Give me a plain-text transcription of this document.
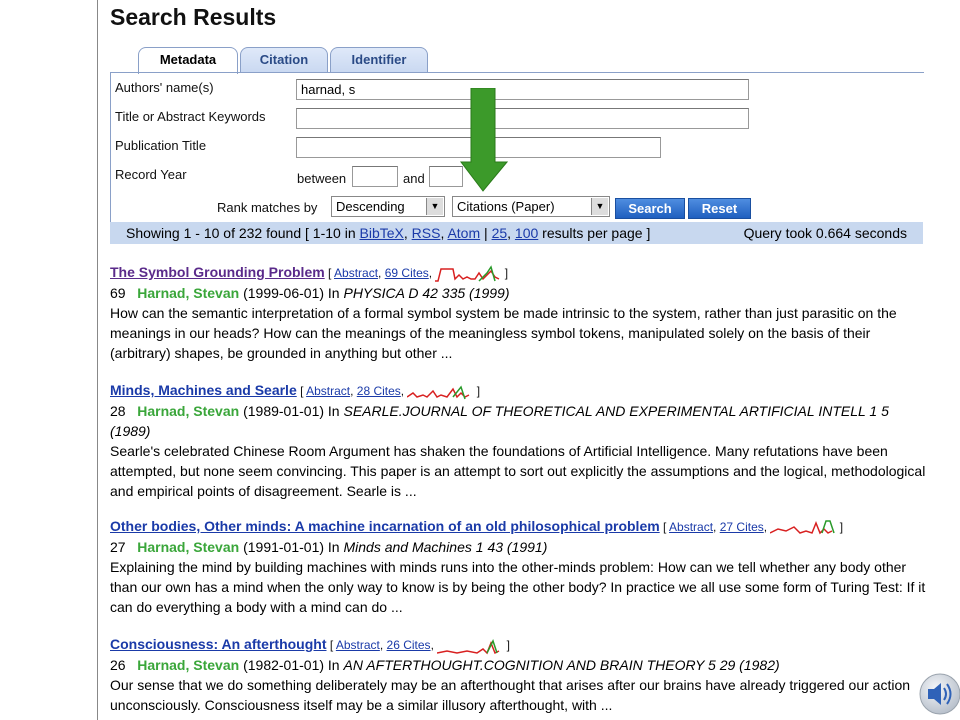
Search Results
Metadata	Citation	Identifier
Authors' name(s)
harnad, s
Title or Abstract Keywords
Publication Title
Record Year	between	and
Rank matches by	Descending	▼	Citations (Paper)	▼	Search	Reset
Showing 1 - 10 of 232 found [ 1-10 in BibTeX, RSS, Atom | 25, 100 results per page ]	Query took 0.664 seconds
The Symbol Grounding Problem [ Abstract, 69 Cites,	]
69 Harnad, Stevan (1999-06-01) In PHYSICA D 42 335 (1999)
How can the semantic interpretation of a formal symbol system be made intrinsic to the system, rather than just parasitic on the meanings in our heads? How can the meanings of the meaningless symbol tokens, manipulated solely on the basis of their (arbitrary) shapes, be grounded in anything but other ...
Minds, Machines and Searle [ Abstract, 28 Cites,	]
28 Harnad, Stevan (1989-01-01) In SEARLE.JOURNAL OF THEORETICAL AND EXPERIMENTAL ARTIFICIAL INTELL 1 5 (1989)
Searle's celebrated Chinese Room Argument has shaken the foundations of Artificial Intelligence. Many refutations have been attempted, but none seem convincing. This paper is an attempt to sort out explicitly the assumptions and the logical, methodological and empirical points of disagreement. Searle is ...
Other bodies, Other minds: A machine incarnation of an old philosophical problem [ Abstract, 27 Cites,	]
27 Harnad, Stevan (1991-01-01) In Minds and Machines 1 43 (1991)
Explaining the mind by building machines with minds runs into the other-minds problem: How can we tell whether any body other than our own has a mind when the only way to know is by being the other body? In practice we all use some form of Turing Test: If it can do everything a body with a mind can do ...
Consciousness: An afterthought [ Abstract, 26 Cites,	]
26 Harnad, Stevan (1982-01-01) In AN AFTERTHOUGHT.COGNITION AND BRAIN THEORY 5 29 (1982)
Our sense that we do something deliberately may be an afterthought that arises after our brains have already triggered our action unconsciously. Consciousness itself may be a similar illusory afterthought, with ...
